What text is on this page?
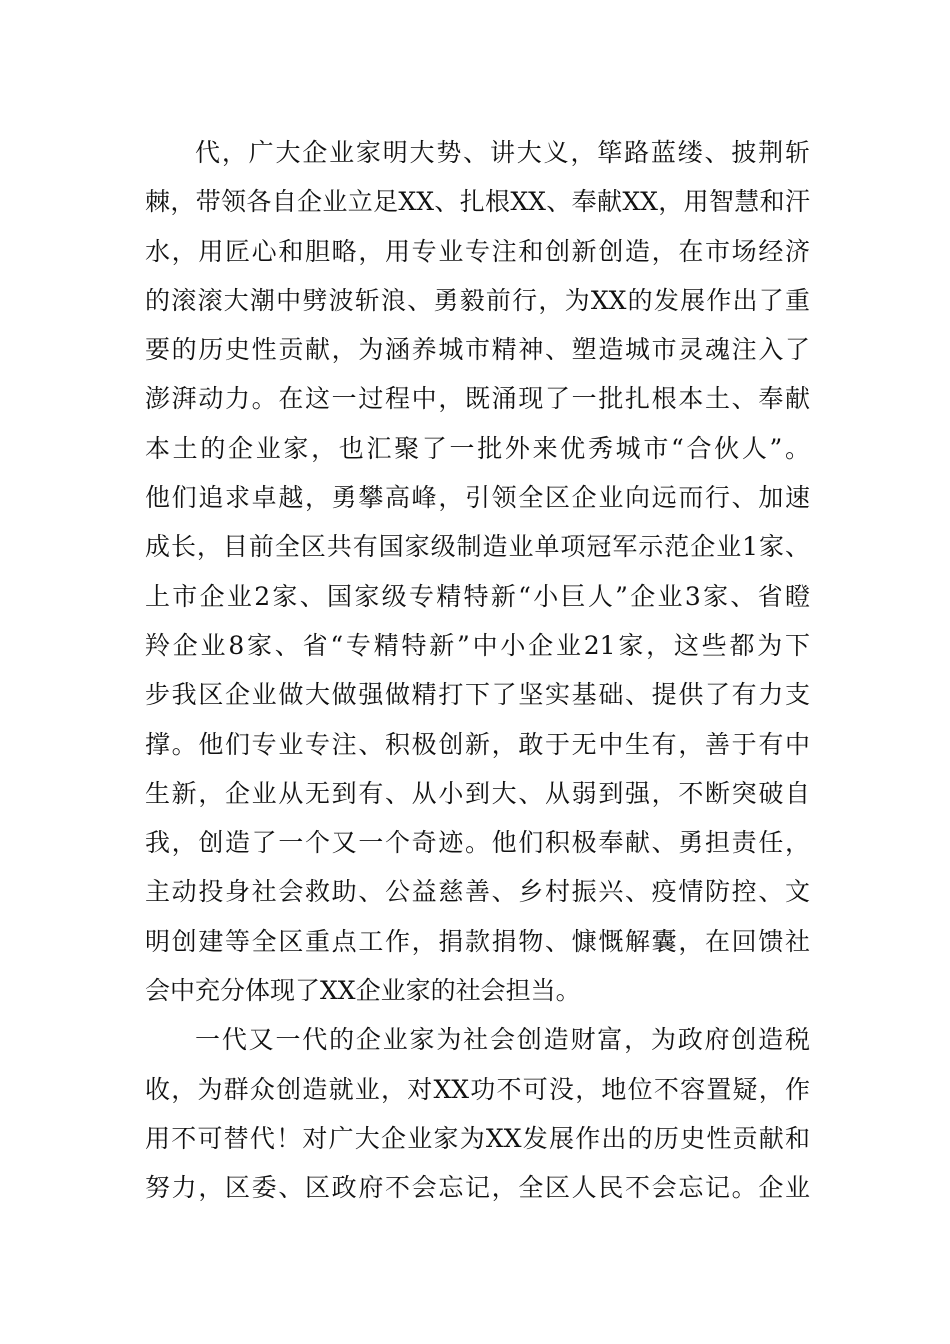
代，广大企业家明大势、讲大义，筚路蓝缕、披荆斩
棘，带领各自企业立足XX、扎根XX、奉献XX，用智慧和汗
水，用匠心和胆略，用专业专注和创新创造，在市场经济
的滚滚大潮中劈波斩浪、勇毅前行，为XX的发展作出了重
要的历史性贡献，为涵养城市精神、塑造城市灵魂注入了
澎湃动力。在这一过程中，既涌现了一批扎根本土、奉献
本土的企业家，也汇聚了一批外来优秀城市“合伙人”。
他们追求卓越，勇攀高峰，引领全区企业向远而行、加速
成长，目前全区共有国家级制造业单项冠军示范企业1家、
上市企业2家、国家级专精特新“小巨人”企业3家、省瞪
羚企业8家、省“专精特新”中小企业21家，这些都为下
步我区企业做大做强做精打下了坚实基础、提供了有力支
撑。他们专业专注、积极创新，敢于无中生有，善于有中
生新，企业从无到有、从小到大、从弱到强，不断突破自
我，创造了一个又一个奇迹。他们积极奉献、勇担责任，
主动投身社会救助、公益慈善、乡村振兴、疫情防控、文
明创建等全区重点工作，捐款捐物、慷慨解囊，在回馈社
会中充分体现了XX企业家的社会担当。
一代又一代的企业家为社会创造财富，为政府创造税
收，为群众创造就业，对XX功不可没，地位不容置疑，作
用不可替代！对广大企业家为XX发展作出的历史性贡献和
努力，区委、区政府不会忘记，全区人民不会忘记。企业
